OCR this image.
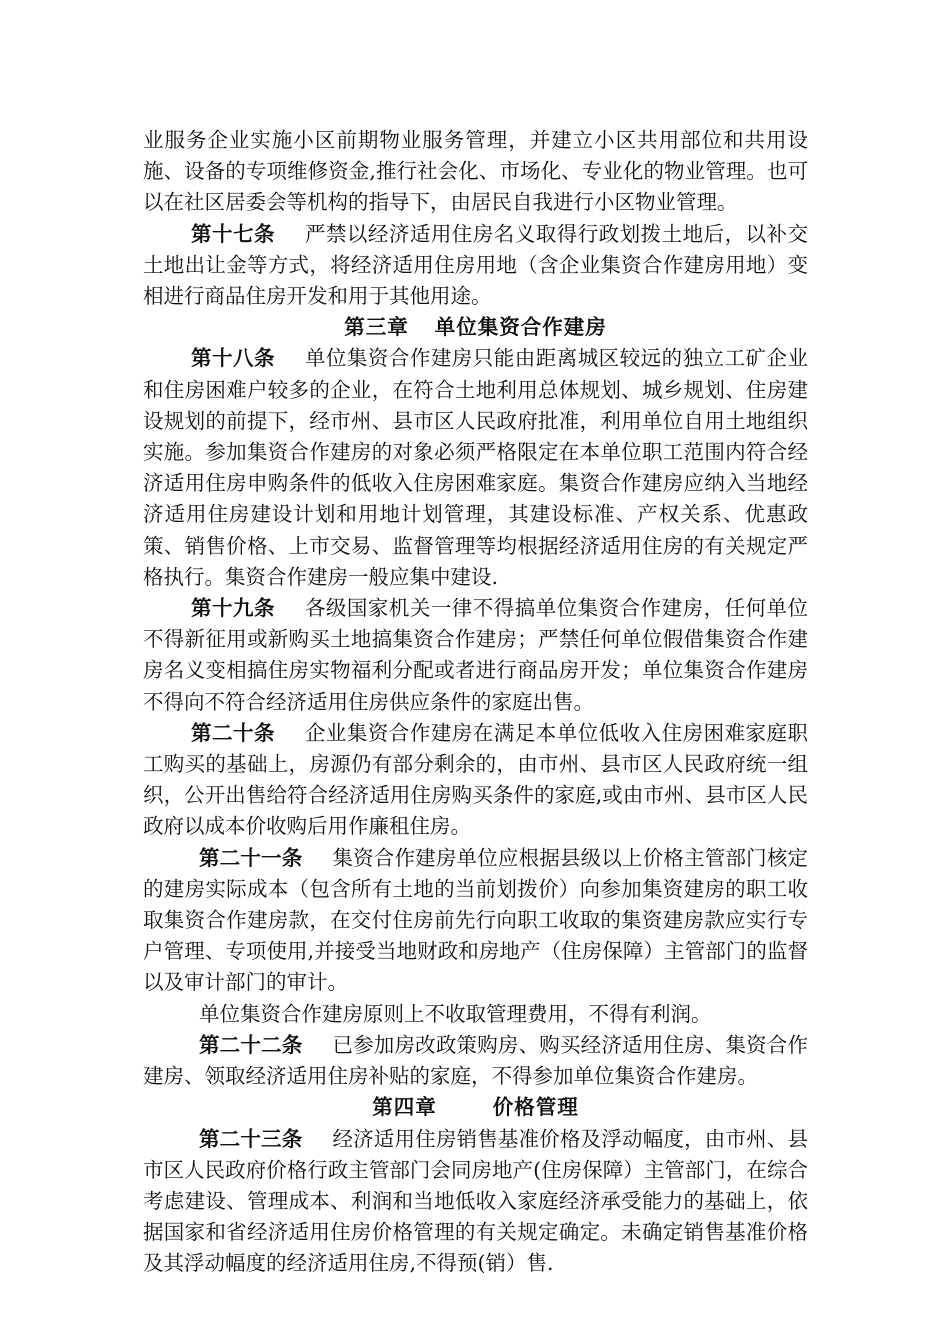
业服务企业实施小区前期物业服务管理，并建立小区共用部位和共用设施、设备的专项维修资金,推行社会化、市场化、专业化的物业管理。也可以在社区居委会等机构的指导下，由居民自我进行小区物业管理。

第十七条 严禁以经济适用住房名义取得行政划拨土地后，以补交土地出让金等方式，将经济适用住房用地（含企业集资合作建房用地）变相进行商品住房开发和用于其他用途。

第三章 单位集资合作建房

第十八条 单位集资合作建房只能由距离城区较远的独立工矿企业和住房困难户较多的企业，在符合土地利用总体规划、城乡规划、住房建设规划的前提下，经市州、县市区人民政府批准，利用单位自用土地组织实施。参加集资合作建房的对象必须严格限定在本单位职工范围内符合经济适用住房申购条件的低收入住房困难家庭。集资合作建房应纳入当地经济适用住房建设计划和用地计划管理，其建设标准、产权关系、优惠政策、销售价格、上市交易、监督管理等均根据经济适用住房的有关规定严格执行。集资合作建房一般应集中建设.

第十九条 各级国家机关一律不得搞单位集资合作建房，任何单位不得新征用或新购买土地搞集资合作建房；严禁任何单位假借集资合作建房名义变相搞住房实物福利分配或者进行商品房开发；单位集资合作建房不得向不符合经济适用住房供应条件的家庭出售。

第二十条 企业集资合作建房在满足本单位低收入住房困难家庭职工购买的基础上，房源仍有部分剩余的，由市州、县市区人民政府统一组织，公开出售给符合经济适用住房购买条件的家庭,或由市州、县市区人民政府以成本价收购后用作廉租住房。

第二十一条 集资合作建房单位应根据县级以上价格主管部门核定的建房实际成本（包含所有土地的当前划拨价）向参加集资建房的职工收取集资合作建房款，在交付住房前先行向职工收取的集资建房款应实行专户管理、专项使用,并接受当地财政和房地产（住房保障）主管部门的监督以及审计部门的审计。

单位集资合作建房原则上不收取管理费用，不得有利润。

第二十二条 已参加房改政策购房、购买经济适用住房、集资合作建房、领取经济适用住房补贴的家庭，不得参加单位集资合作建房。

第四章	价格管理

第二十三条 经济适用住房销售基准价格及浮动幅度，由市州、县市区人民政府价格行政主管部门会同房地产(住房保障）主管部门，在综合考虑建设、管理成本、利润和当地低收入家庭经济承受能力的基础上，依据国家和省经济适用住房价格管理的有关规定确定。未确定销售基准价格及其浮动幅度的经济适用住房,不得预(销）售.
